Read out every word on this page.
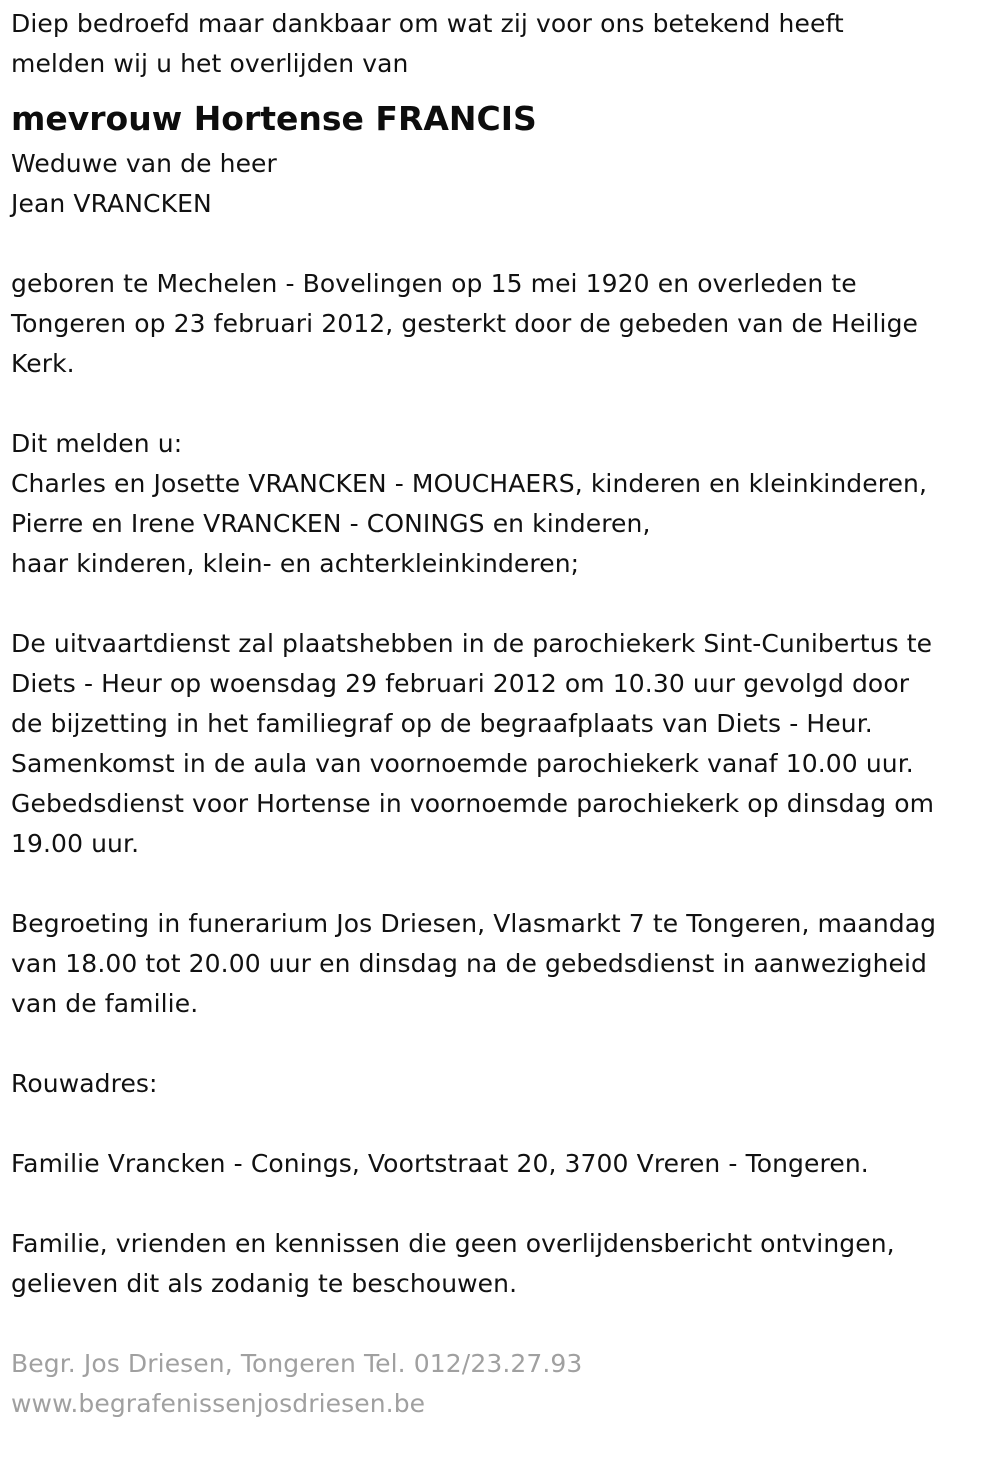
Diep bedroefd maar dankbaar om wat zij voor ons betekend heeft
melden wij u het overlijden van
mevrouw Hortense FRANCIS
Weduwe van de heer
Jean VRANCKEN
geboren te Mechelen - Bovelingen op 15 mei 1920 en overleden te
Tongeren op 23 februari 2012, gesterkt door de gebeden van de Heilige
Kerk.
Dit melden u:
Charles en Josette VRANCKEN - MOUCHAERS, kinderen en kleinkinderen,
Pierre en Irene VRANCKEN - CONINGS en kinderen,
haar kinderen, klein- en achterkleinkinderen;
De uitvaartdienst zal plaatshebben in de parochiekerk Sint-Cunibertus te
Diets - Heur op woensdag 29 februari 2012 om 10.30 uur gevolgd door
de bijzetting in het familiegraf op de begraafplaats van Diets - Heur.
Samenkomst in de aula van voornoemde parochiekerk vanaf 10.00 uur.
Gebedsdienst voor Hortense in voornoemde parochiekerk op dinsdag om
19.00 uur.
Begroeting in funerarium Jos Driesen, Vlasmarkt 7 te Tongeren, maandag
van 18.00 tot 20.00 uur en dinsdag na de gebedsdienst in aanwezigheid
van de familie.
Rouwadres:
Familie Vrancken - Conings, Voortstraat 20, 3700 Vreren - Tongeren.
Familie, vrienden en kennissen die geen overlijdensbericht ontvingen,
gelieven dit als zodanig te beschouwen.
Begr. Jos Driesen, Tongeren Tel. 012/23.27.93
www.begrafenissenjosdriesen.be
